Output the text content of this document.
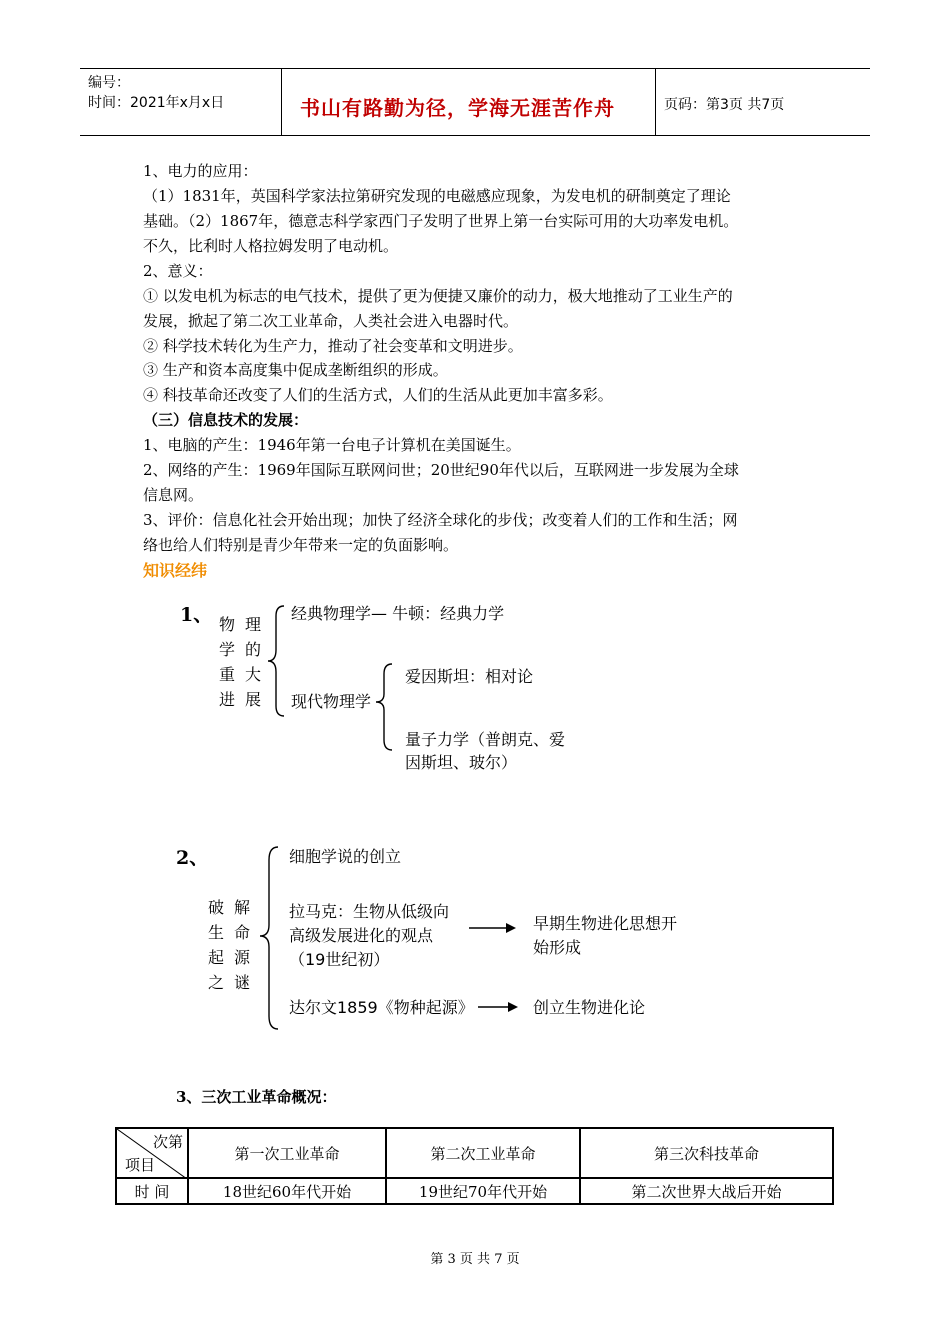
编号：
时间：2021年x月x日	书山有路勤为径，学海无涯苦作舟	页码：第3页 共7页
1、电力的应用：
（1）1831年，英国科学家法拉第研究发现的电磁感应现象，为发电机的研制奠定了理论
基础。（2）1867年，德意志科学家西门子发明了世界上第一台实际可用的大功率发电机。
不久，比利时人格拉姆发明了电动机。
2、意义：
① 以发电机为标志的电气技术，提供了更为便捷又廉价的动力，极大地推动了工业生产的
发展，掀起了第二次工业革命，人类社会进入电器时代。
② 科学技术转化为生产力，推动了社会变革和文明进步。
③ 生产和资本高度集中促成垄断组织的形成。
④ 科技革命还改变了人们的生活方式，人们的生活从此更加丰富多彩。
（三）信息技术的发展：
1、电脑的产生：1946年第一台电子计算机在美国诞生。
2、网络的产生：1969年国际互联网问世；20世纪90年代以后，互联网进一步发展为全球
信息网。
3、评价：信息化社会开始出现；加快了经济全球化的步伐；改变着人们的工作和生活；网
络也给人们特别是青少年带来一定的负面影响。
知识经纬
1、 物
学
重
进
理
的
大
展
经典物理学— 牛顿：经典力学
现代物理学
爱因斯坦：相对论
量子力学（普朗克、爱
因斯坦、玻尔）
2、
破
生
起
之
解
命
源
谜
细胞学说的创立
拉马克：生物从低级向
高级发展进化的观点
（19世纪初）
早期生物进化思想开
始形成
达尔文1859《物种起源》	创立生物进化论
3、三次工业革命概况：
次第
项目	第一次工业革命	第二次工业革命	第三次科技革命
时 间	18世纪60年代开始	19世纪70年代开始	第二次世界大战后开始
第 3 页 共 7 页
